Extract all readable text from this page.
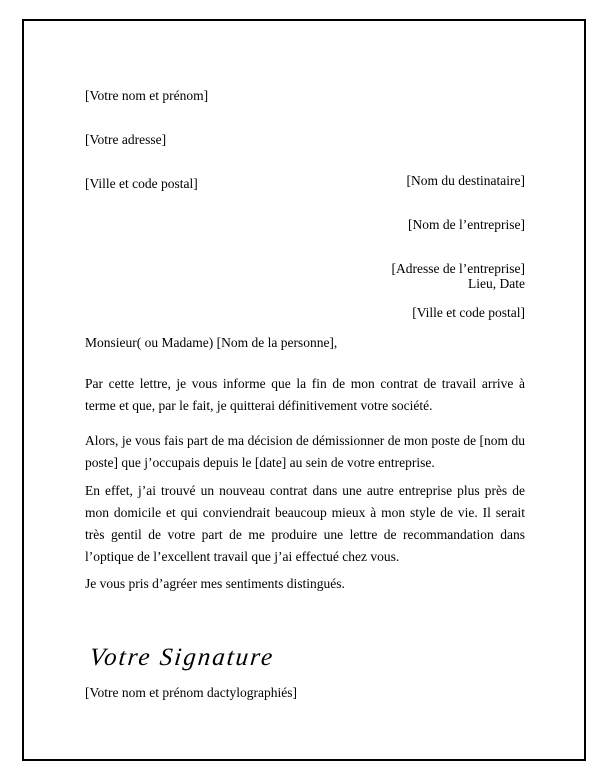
[Votre nom et prénom]

[Votre adresse]

[Ville et code postal]	[Nom du destinataire]

[Nom de l’entreprise]

[Adresse de l’entreprise]

[Ville et code postal]

Lieu, Date
Monsieur( ou Madame) [Nom de la personne],
Par cette lettre, je vous informe que la fin de mon contrat de travail arrive à terme et que, par le fait, je quitterai définitivement votre société.
Alors, je vous fais part de ma décision de démissionner de mon poste de [nom du poste] que j’occupais depuis le [date] au sein de votre entreprise.
En effet, j’ai trouvé un nouveau contrat dans une autre entreprise plus près de mon domicile et qui conviendrait beaucoup mieux à mon style de vie. Il serait très gentil de votre part de me produire une lettre de recommandation dans l’optique de l’excellent travail que j’ai effectué chez vous.
Je vous pris d’agréer mes sentiments distingués.
Votre Signature
[Votre nom et prénom dactylographiés]
